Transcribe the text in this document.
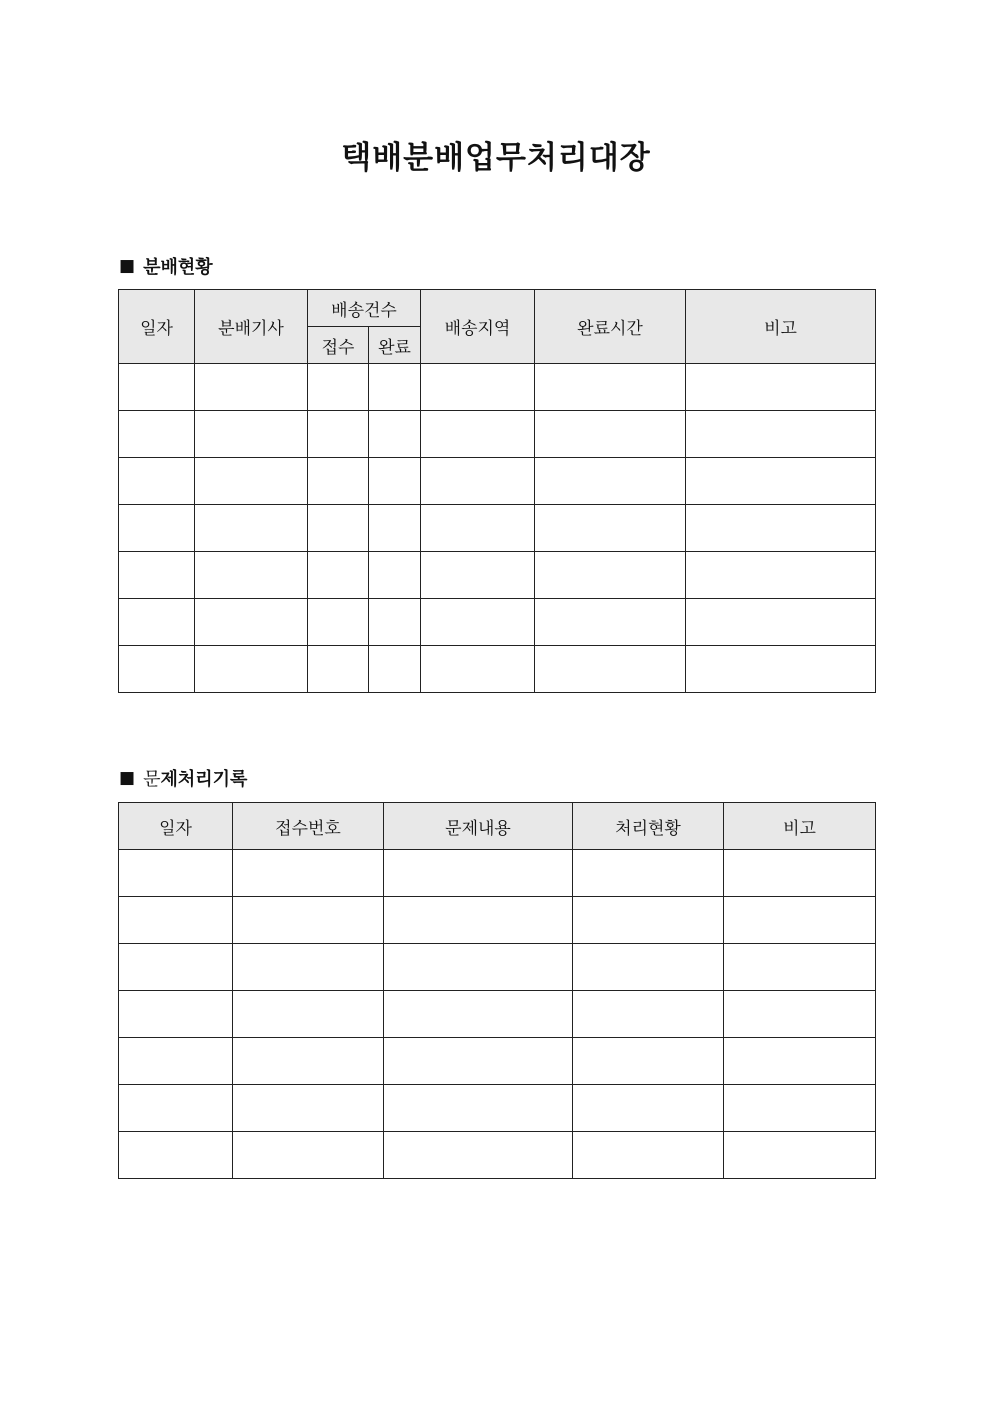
택배분배업무처리대장
■ 분배현황
일자	분배기사	배송건수		배송지역	완료시간	비고
		접수	완료			

■ 문 제처리기록
일자	접수번호	문제내용	처리현황	비고
